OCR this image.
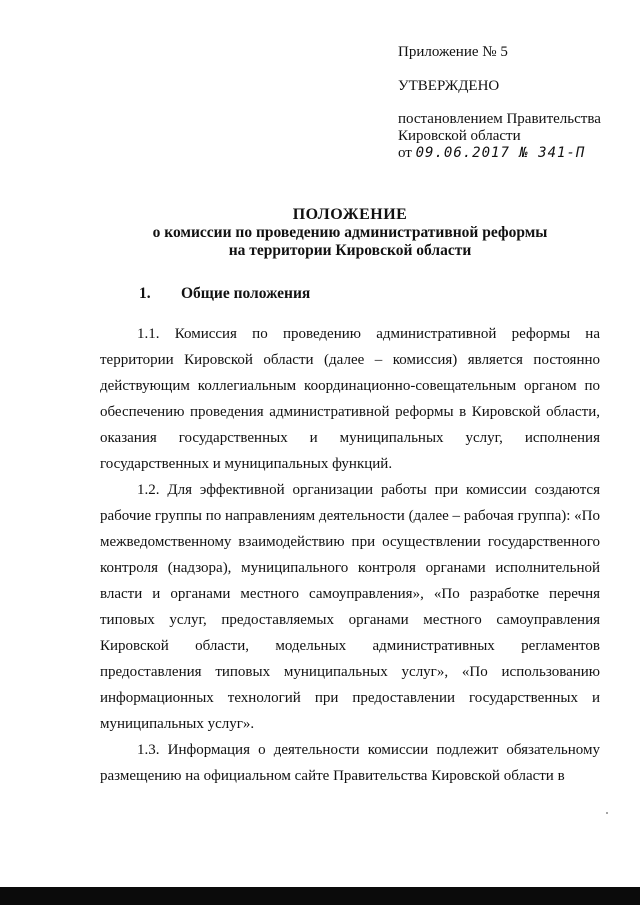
Приложение № 5
УТВЕРЖДЕНО
постановлением Правительства
Кировской области
от 09.06.2017 № 341-П
ПОЛОЖЕНИЕ
о комиссии по проведению административной реформы
на территории Кировской области
1. Общие положения

1.1. Комиссия по проведению административной реформы на территории Кировской области (далее – комиссия) является постоянно действующим коллегиальным координационно-совещательным органом по обеспечению проведения административной реформы в Кировской области, оказания государственных и муниципальных услуг, исполнения государственных и муниципальных функций.

1.2. Для эффективной организации работы при комиссии создаются рабочие группы по направлениям деятельности (далее – рабочая группа): «По межведомственному взаимодействию при осуществлении государственного контроля (надзора), муниципального контроля органами исполнительной власти и органами местного самоуправления», «По разработке перечня типовых услуг, предоставляемых органами местного самоуправления Кировской области, модельных административных регламентов предоставления типовых муниципальных услуг», «По использованию информационных технологий при предоставлении государственных и муниципальных услуг».

1.3. Информация о деятельности комиссии подлежит обязательному размещению на официальном сайте Правительства Кировской области в
